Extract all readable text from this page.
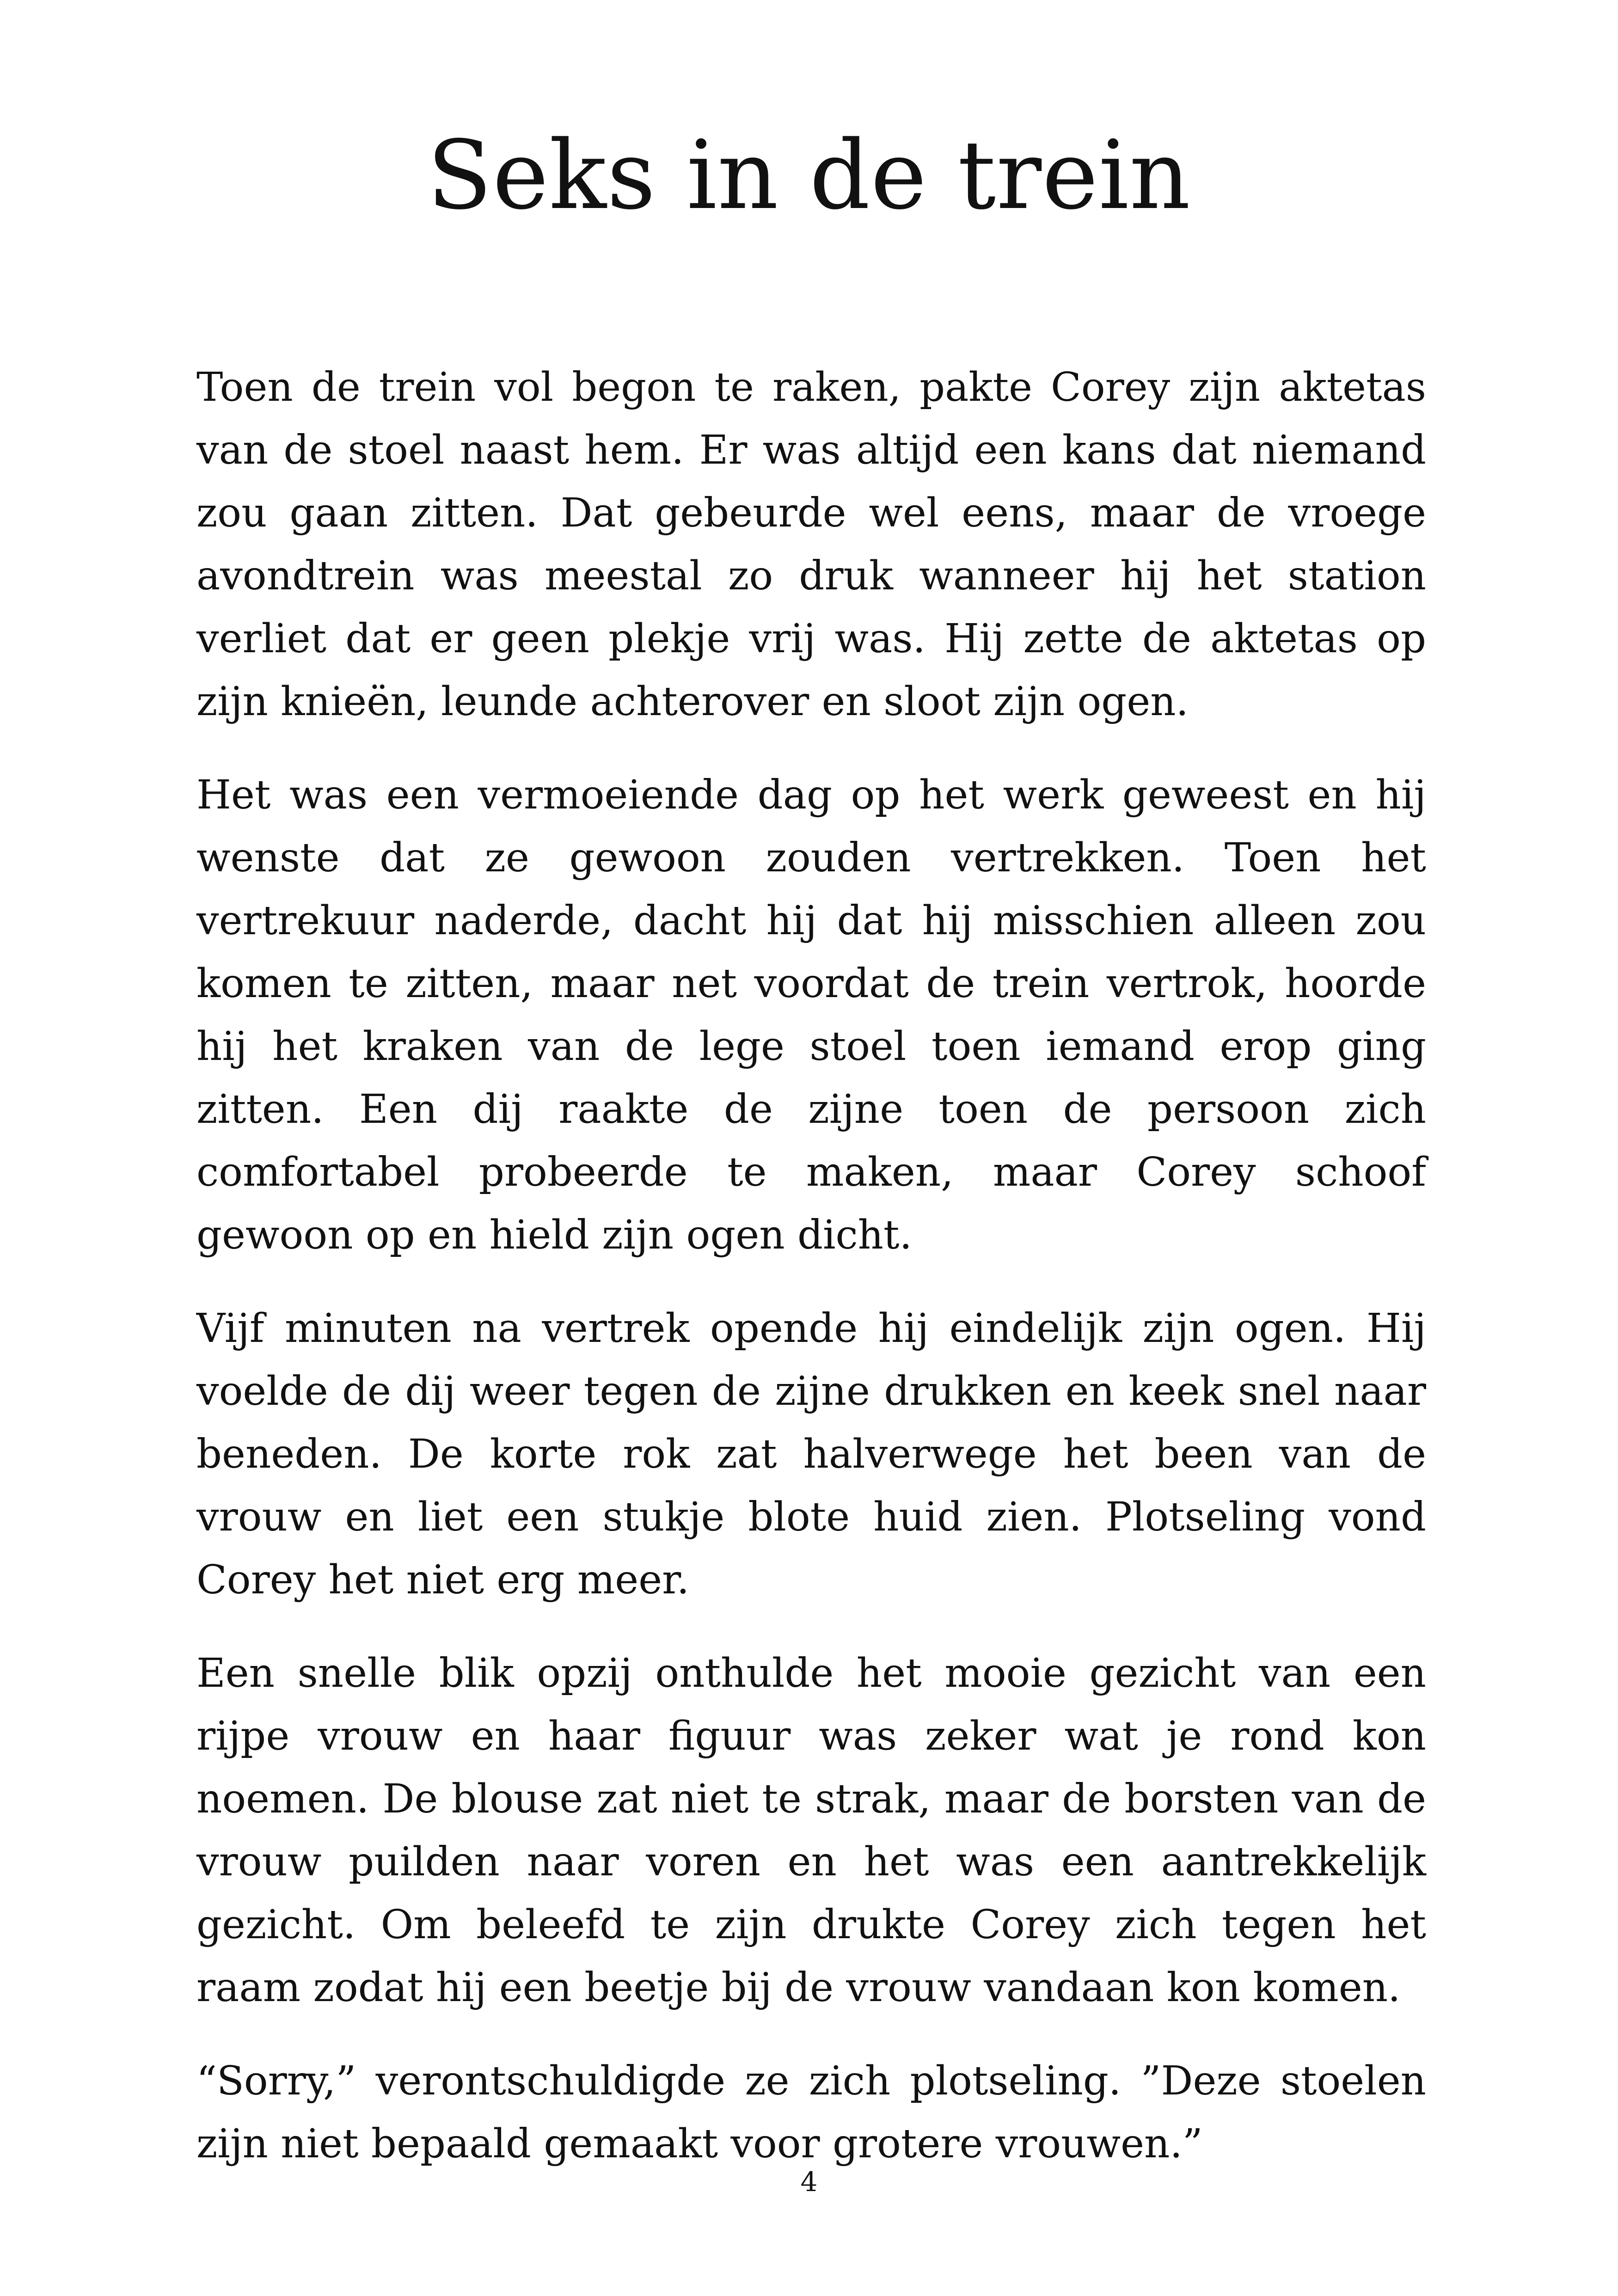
Seks in de trein

Toen de trein vol begon te raken, pakte Corey zijn aktetas van de stoel naast hem. Er was altijd een kans dat niemand zou gaan zitten. Dat gebeurde wel eens, maar de vroege avondtrein was meestal zo druk wanneer hij het station verliet dat er geen plekje vrij was. Hij zette de aktetas op zijn knieën, leunde achterover en sloot zijn ogen.

Het was een vermoeiende dag op het werk geweest en hij wenste dat ze gewoon zouden vertrekken. Toen het vertrekuur naderde, dacht hij dat hij misschien alleen zou komen te zitten, maar net voordat de trein vertrok, hoorde hij het kraken van de lege stoel toen iemand erop ging zitten. Een dij raakte de zijne toen de persoon zich comfortabel probeerde te maken, maar Corey schoof gewoon op en hield zijn ogen dicht.

Vijf minuten na vertrek opende hij eindelijk zijn ogen. Hij voelde de dij weer tegen de zijne drukken en keek snel naar beneden. De korte rok zat halverwege het been van de vrouw en liet een stukje blote huid zien. Plotseling vond Corey het niet erg meer.

Een snelle blik opzij onthulde het mooie gezicht van een rijpe vrouw en haar figuur was zeker wat je rond kon noemen. De blouse zat niet te strak, maar de borsten van de vrouw puilden naar voren en het was een aantrekkelijk gezicht. Om beleefd te zijn drukte Corey zich tegen het raam zodat hij een beetje bij de vrouw vandaan kon komen.

“Sorry,” verontschuldigde ze zich plotseling. ”Deze stoelen zijn niet bepaald gemaakt voor grotere vrouwen.”

4
